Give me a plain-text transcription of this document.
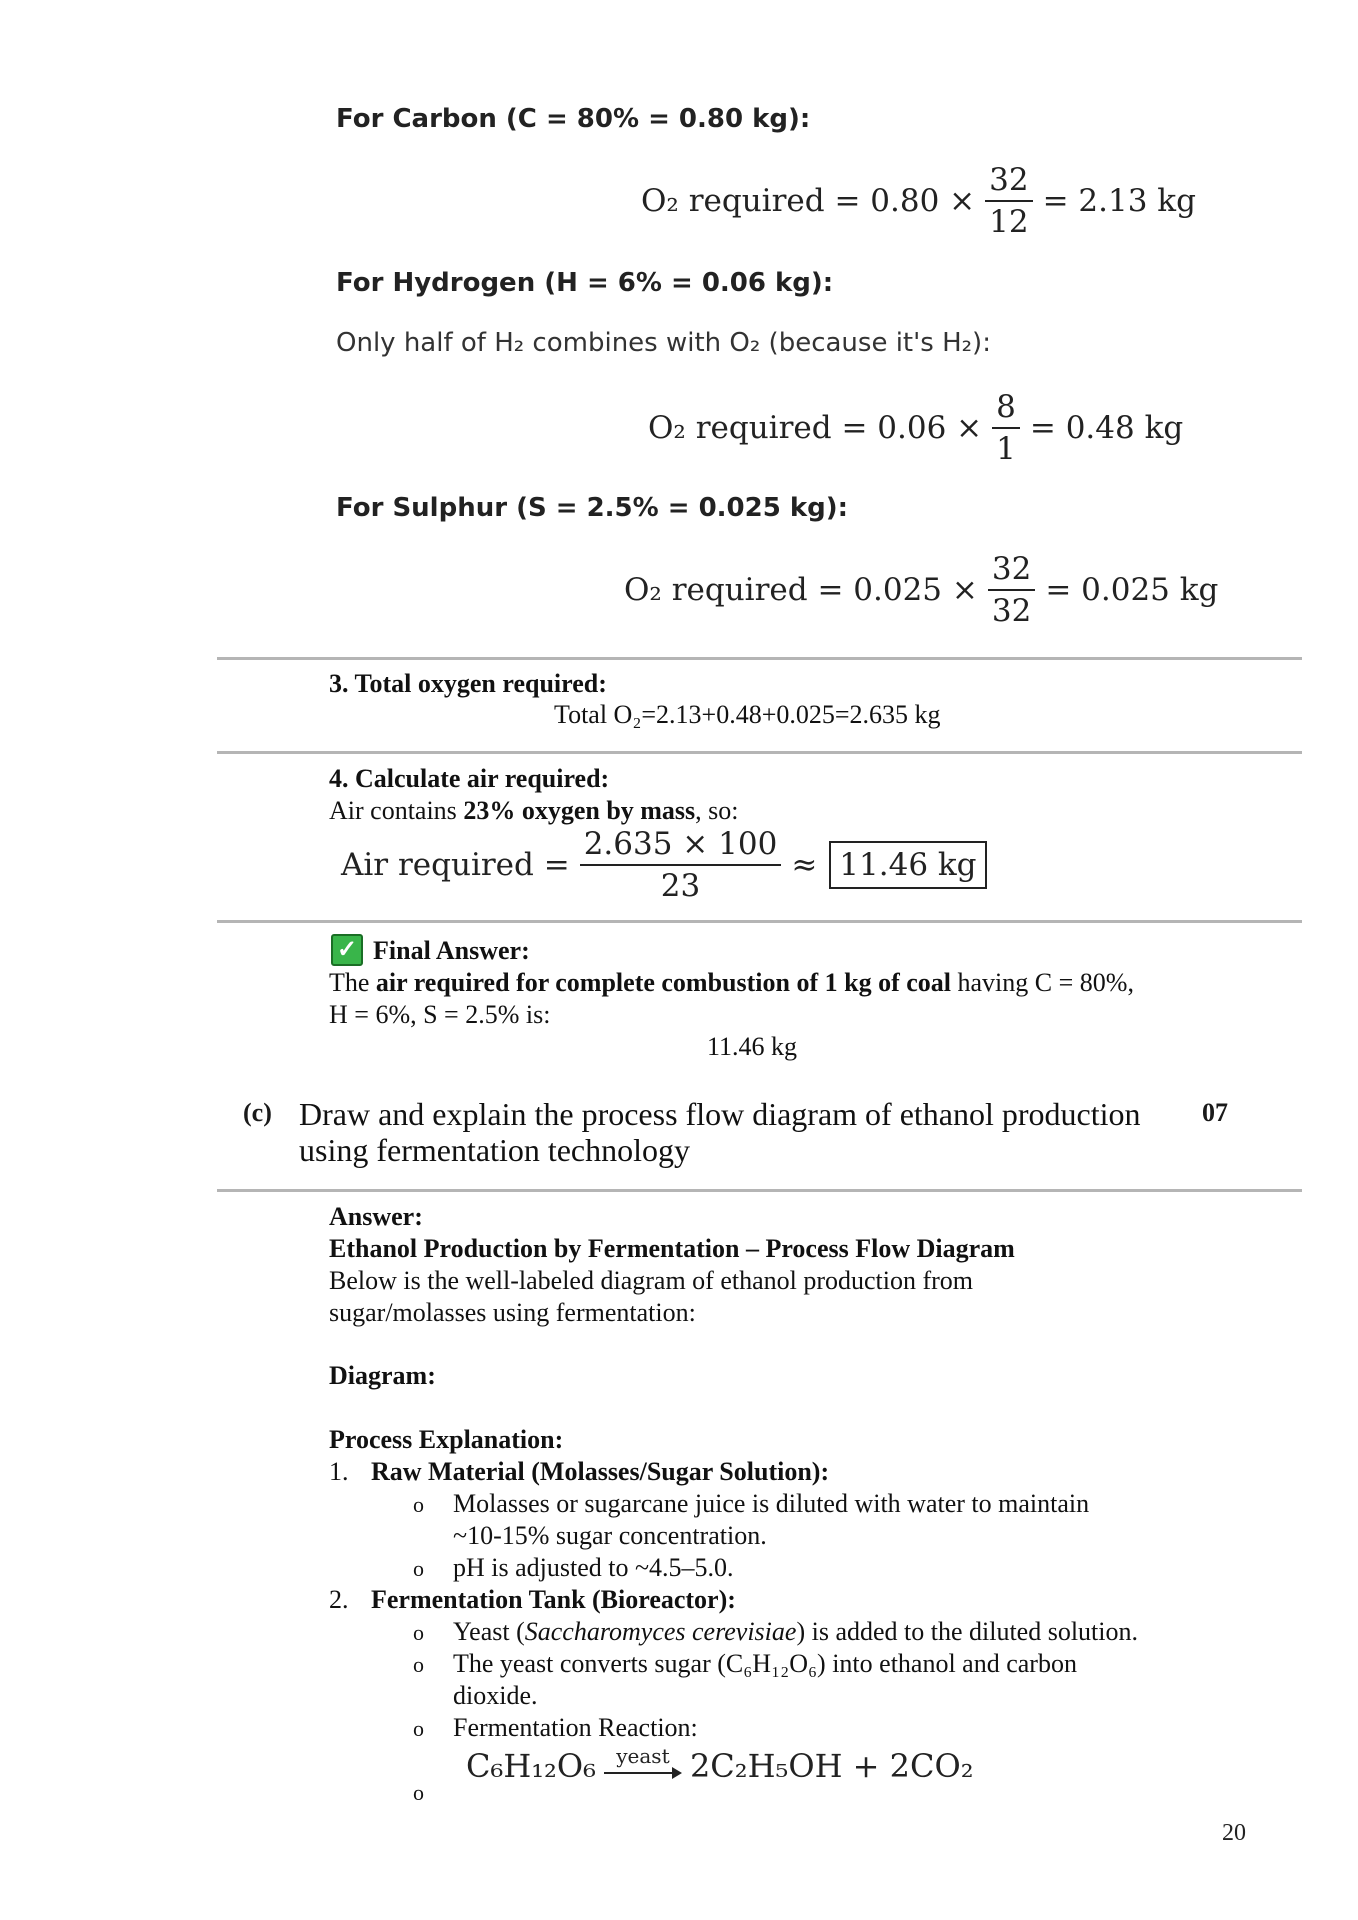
For Carbon (C = 80% = 0.80 kg):
O₂ required = $0.80 \times \frac{32}{12} = 2.13$ kg
For Hydrogen (H = 6% = 0.06 kg):
Only half of H₂ combines with O₂ (because it's H₂):
O₂ required = $0.06 \times \frac{8}{1} = 0.48$ kg
For Sulphur (S = 2.5% = 0.025 kg):
O₂ required = $0.025 \times \frac{32}{32} = 0.025$ kg
3. Total oxygen required:
Total O₂=2.13+0.48+0.025=2.635 kg
4. Calculate air required:
Air contains 23% oxygen by mass, so:
Air required = $\frac{2.635 \times 100}{23} \approx 11.46$ kg
✓ Final Answer:
The air required for complete combustion of 1 kg of coal having C = 80%,
H = 6%, S = 2.5% is:
11.46 kg
(c) Draw and explain the process flow diagram of ethanol production
using fermentation technology
07
Answer:
Ethanol Production by Fermentation – Process Flow Diagram
Below is the well-labeled diagram of ethanol production from
sugar/molasses using fermentation:
Diagram:
Process Explanation:
1. Raw Material (Molasses/Sugar Solution):
o Molasses or sugarcane juice is diluted with water to maintain
~10-15% sugar concentration.
o pH is adjusted to ~4.5–5.0.
2. Fermentation Tank (Bioreactor):
o Yeast (Saccharomyces cerevisiae) is added to the diluted solution.
o The yeast converts sugar (C₆H₁₂O₆) into ethanol and carbon
dioxide.
o Fermentation Reaction:
C₆H₁₂O₆ yeast 2C₂H₅OH + 2CO₂
o
20
